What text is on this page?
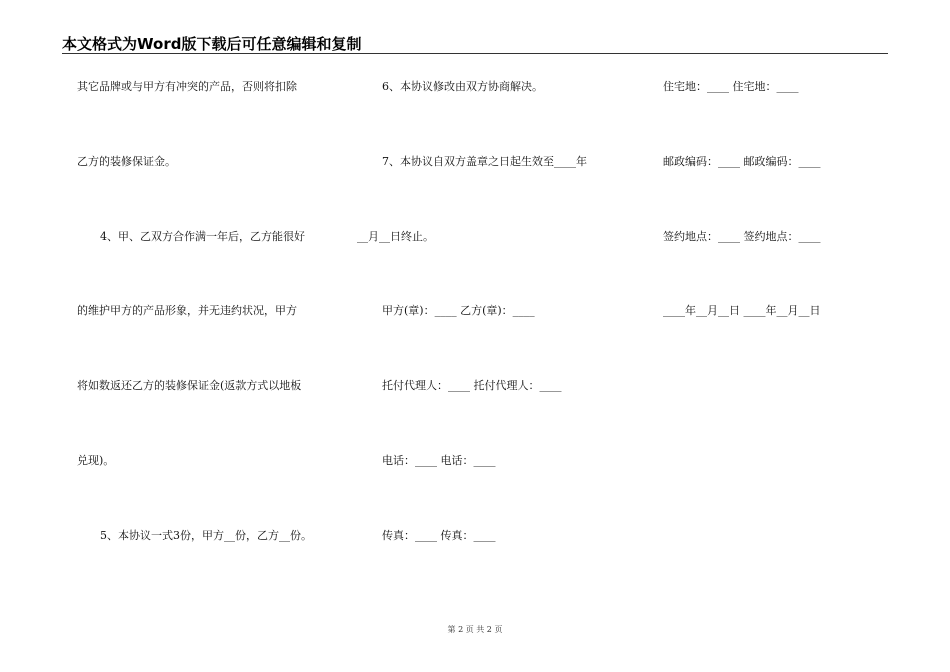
本文格式为Word版下载后可任意编辑和复制
其它品牌或与甲方有冲突的产品，否则将扣除
乙方的装修保证金。
4、甲、乙双方合作满一年后，乙方能很好
的维护甲方的产品形象，并无违约状况，甲方
将如数返还乙方的装修保证金(返款方式以地板
兑现)。
5、本协议一式3份，甲方__份，乙方__份。
6、本协议修改由双方协商解决。
7、本协议自双方盖章之日起生效至____年
__月__日终止。
甲方(章)：____ 乙方(章)：____
托付代理人：____ 托付代理人：____
电话：____ 电话：____
传真：____ 传真：____
住宅地：____ 住宅地：____
邮政编码：____ 邮政编码：____
签约地点：____ 签约地点：____
____年__月__日 ____年__月__日
第 2 页 共 2 页
